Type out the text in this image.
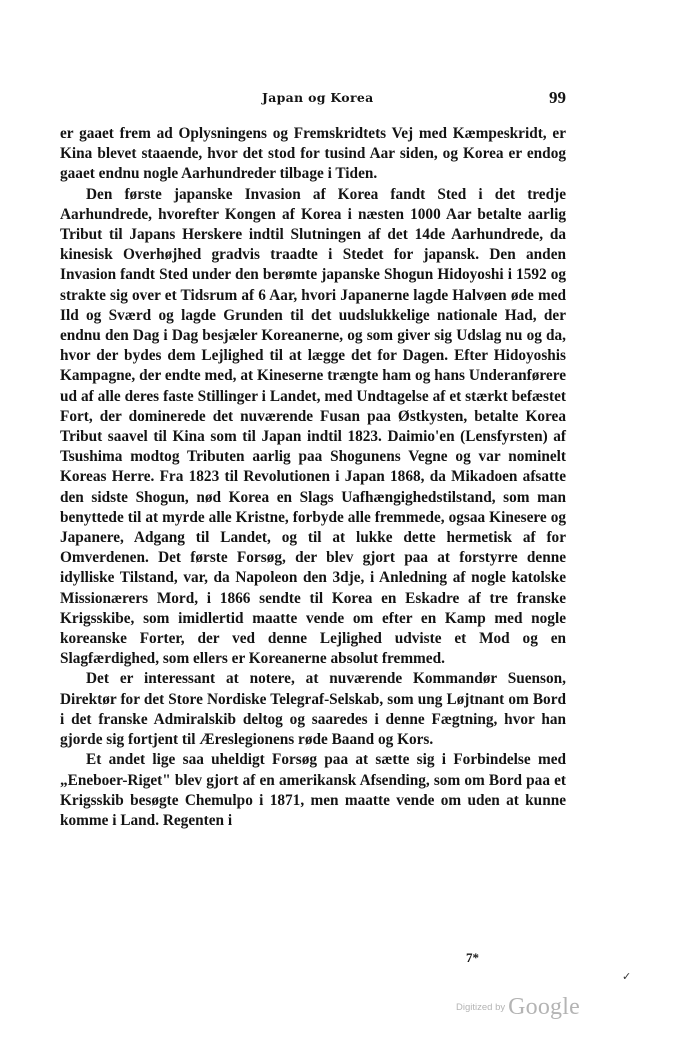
Japan og Korea	99

er gaaet frem ad Oplysningens og Fremskridtets Vej med Kæmpeskridt, er Kina blevet staaende, hvor det stod for tusind Aar siden, og Korea er endog gaaet endnu nogle Aarhundreder tilbage i Tiden.

Den første japanske Invasion af Korea fandt Sted i det tredje Aarhundrede, hvorefter Kongen af Korea i næsten 1000 Aar betalte aarlig Tribut til Japans Herskere indtil Slutningen af det 14de Aarhundrede, da kinesisk Overhøjhed gradvis traadte i Stedet for japansk. Den anden Invasion fandt Sted under den berømte japanske Shogun Hidoyoshi i 1592 og strakte sig over et Tidsrum af 6 Aar, hvori Japanerne lagde Halvøen øde med Ild og Sværd og lagde Grunden til det uudslukkelige nationale Had, der endnu den Dag i Dag besjæler Koreanerne, og som giver sig Udslag nu og da, hvor der bydes dem Lejlighed til at lægge det for Dagen. Efter Hidoyoshis Kampagne, der endte med, at Kineserne trængte ham og hans Underanførere ud af alle deres faste Stillinger i Landet, med Undtagelse af et stærkt befæstet Fort, der dominerede det nuværende Fusan paa Østkysten, betalte Korea Tribut saavel til Kina som til Japan indtil 1823. Daimio'en (Lensfyrsten) af Tsushima modtog Tributen aarlig paa Shogunens Vegne og var nominelt Koreas Herre. Fra 1823 til Revolutionen i Japan 1868, da Mikadoen afsatte den sidste Shogun, nød Korea en Slags Uafhængighedstilstand, som man benyttede til at myrde alle Kristne, forbyde alle fremmede, ogsaa Kinesere og Japanere, Adgang til Landet, og til at lukke dette hermetisk af for Omverdenen. Det første Forsøg, der blev gjort paa at forstyrre denne idylliske Tilstand, var, da Napoleon den 3dje, i Anledning af nogle katolske Missionærers Mord, i 1866 sendte til Korea en Eskadre af tre franske Krigsskibe, som imidlertid maatte vende om efter en Kamp med nogle koreanske Forter, der ved denne Lejlighed udviste et Mod og en Slagfærdighed, som ellers er Koreanerne absolut fremmed.

Det er interessant at notere, at nuværende Kommandør Suenson, Direktør for det Store Nordiske Telegraf-Selskab, som ung Løjtnant om Bord i det franske Admiralskib deltog og saaredes i denne Fægtning, hvor han gjorde sig fortjent til Æreslegionens røde Baand og Kors.

Et andet lige saa uheldigt Forsøg paa at sætte sig i Forbindelse med „Eneboer-Riget" blev gjort af en amerikansk Afsending, som om Bord paa et Krigsskib besøgte Chemulpo i 1871, men maatte vende om uden at kunne komme i Land. Regenten i

7*
✓
$^{Digitized by}$ Google
